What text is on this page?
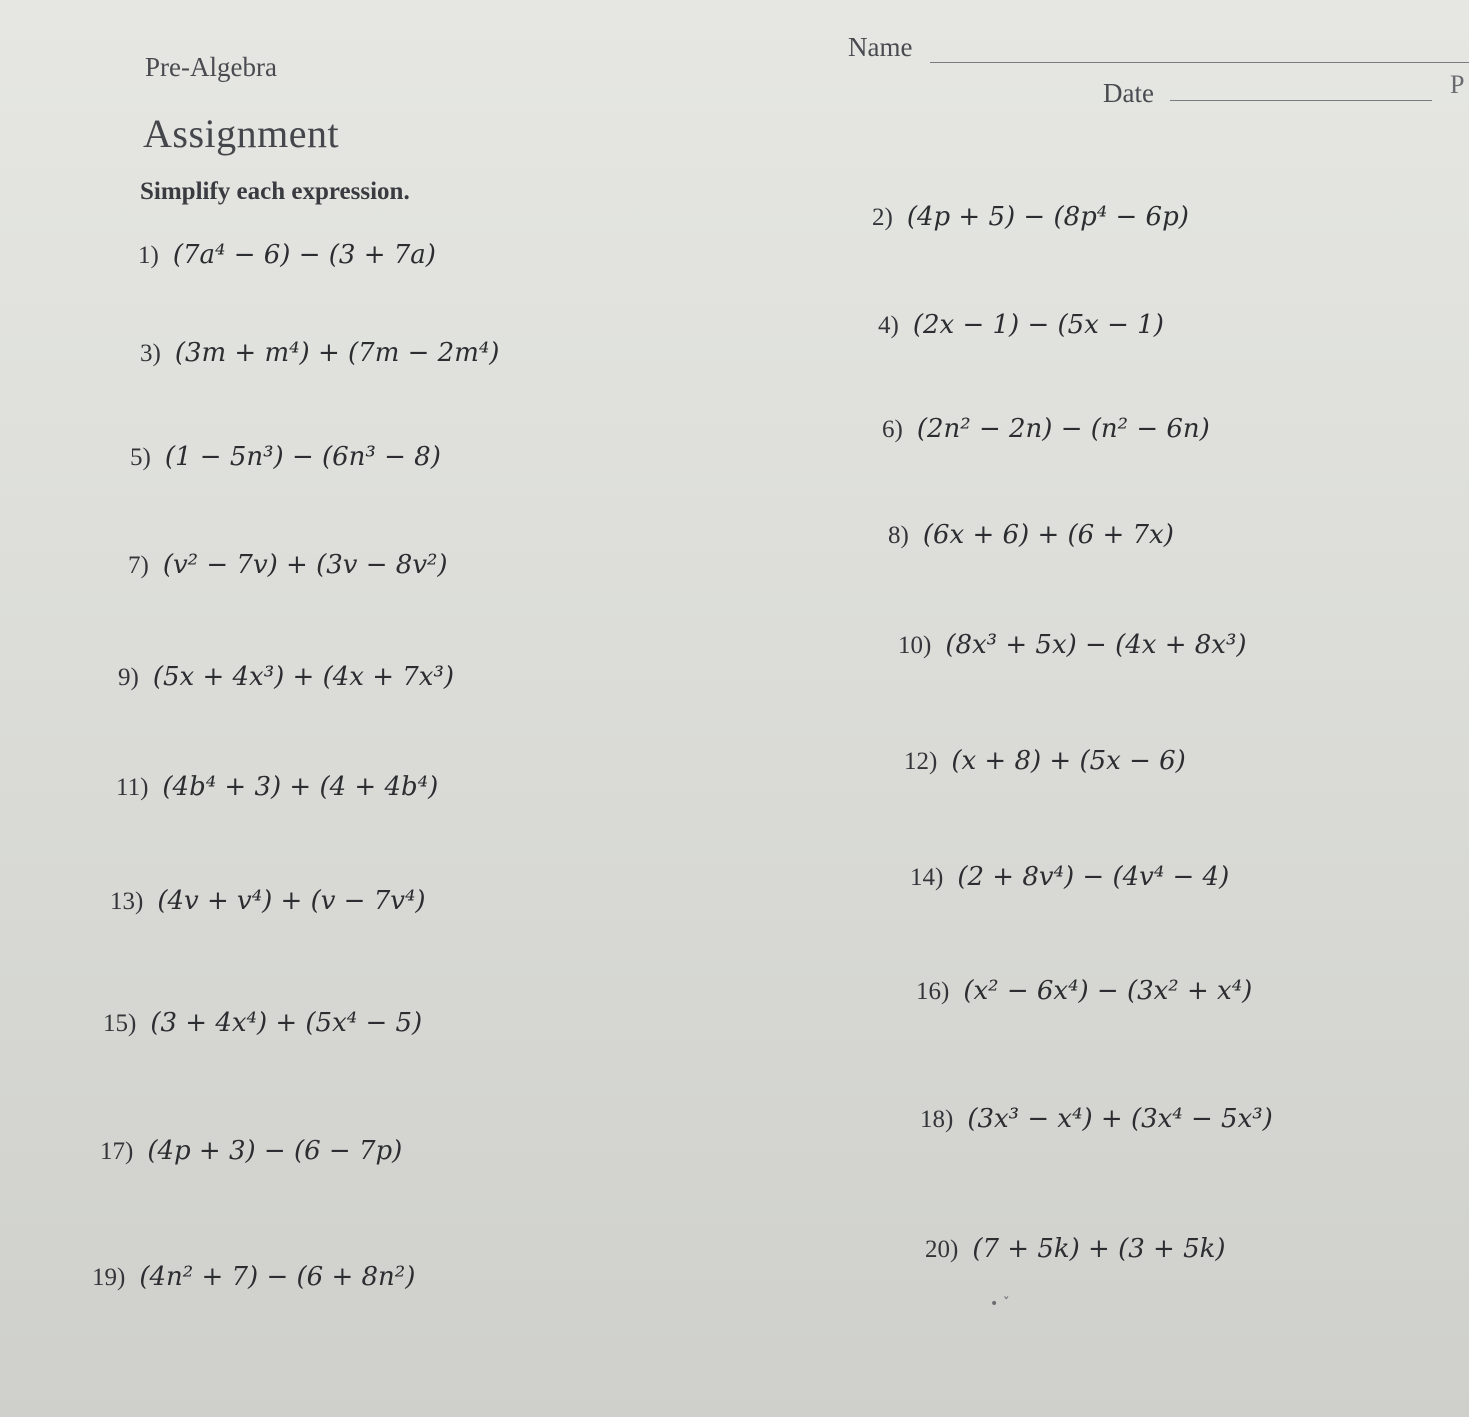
Pre-Algebra
Assignment
Name
Date	P
Simplify each expression.
1) (7a⁴ − 6) − (3 + 7a)
3) (3m + m⁴) + (7m − 2m⁴)
5) (1 − 5n³) − (6n³ − 8)
7) (v² − 7v) + (3v − 8v²)
9) (5x + 4x³) + (4x + 7x³)
11) (4b⁴ + 3) + (4 + 4b⁴)
13) (4v + v⁴) + (v − 7v⁴)
15) (3 + 4x⁴) + (5x⁴ − 5)
17) (4p + 3) − (6 − 7p)
19) (4n² + 7) − (6 + 8n²)
2) (4p + 5) − (8p⁴ − 6p)
4) (2x − 1) − (5x − 1)
6) (2n² − 2n) − (n² − 6n)
8) (6x + 6) + (6 + 7x)
10) (8x³ + 5x) − (4x + 8x³)
12) (x + 8) + (5x − 6)
14) (2 + 8v⁴) − (4v⁴ − 4)
16) (x² − 6x⁴) − (3x² + x⁴)
18) (3x³ − x⁴) + (3x⁴ − 5x³)
20) (7 + 5k) + (3 + 5k)
• ˇ
